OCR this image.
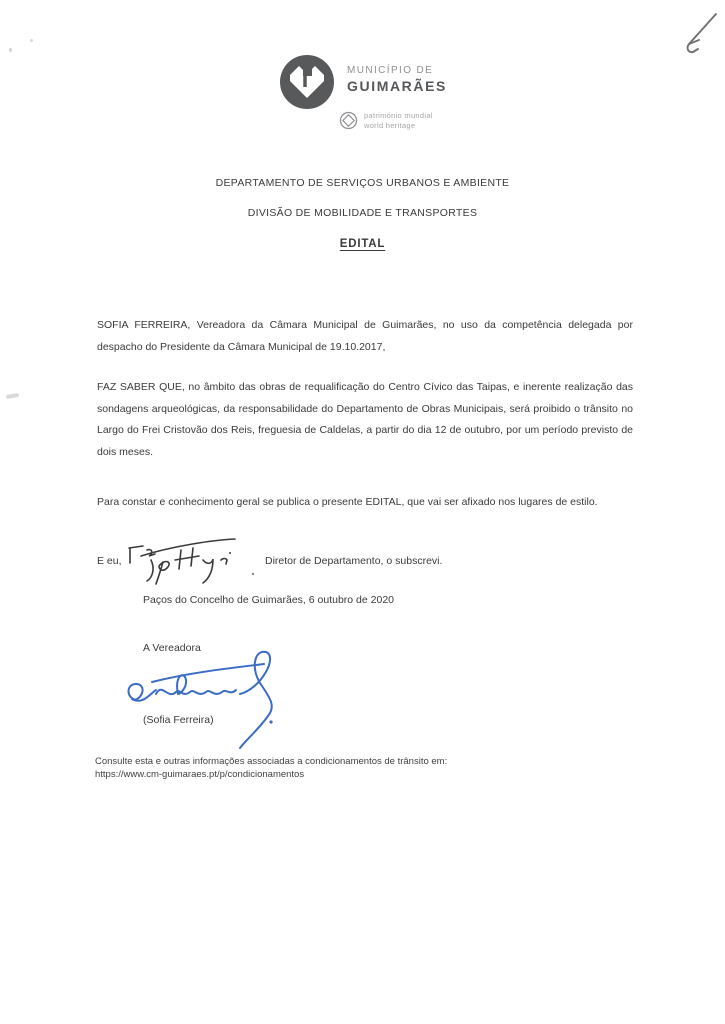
MUNICÍPIO DE
GUIMARÃES
património mundial
world heritage
DEPARTAMENTO DE SERVIÇOS URBANOS E AMBIENTE
DIVISÃO DE MOBILIDADE E TRANSPORTES
EDITAL

SOFIA FERREIRA, Vereadora da Câmara Municipal de Guimarães, no uso da competência delegada por despacho do Presidente da Câmara Municipal de 19.10.2017,

FAZ SABER QUE, no âmbito das obras de requalificação do Centro Cívico das Taipas, e inerente realização das sondagens arqueológicas, da responsabilidade do Departamento de Obras Municipais, será proibido o trânsito no Largo do Frei Cristovão dos Reis, freguesia de Caldelas, a partir do dia 12 de outubro, por um período previsto de dois meses.

Para constar e conhecimento geral se publica o presente EDITAL, que vai ser afixado nos lugares de estilo.

E eu,	Diretor de Departamento, o subscrevi.
Paços do Concelho de Guimarães, 6 outubro de 2020
A Vereadora
(Sofia Ferreira)
Consulte esta e outras informações associadas a condicionamentos de trânsito em:
https://www.cm-guimaraes.pt/p/condicionamentos
